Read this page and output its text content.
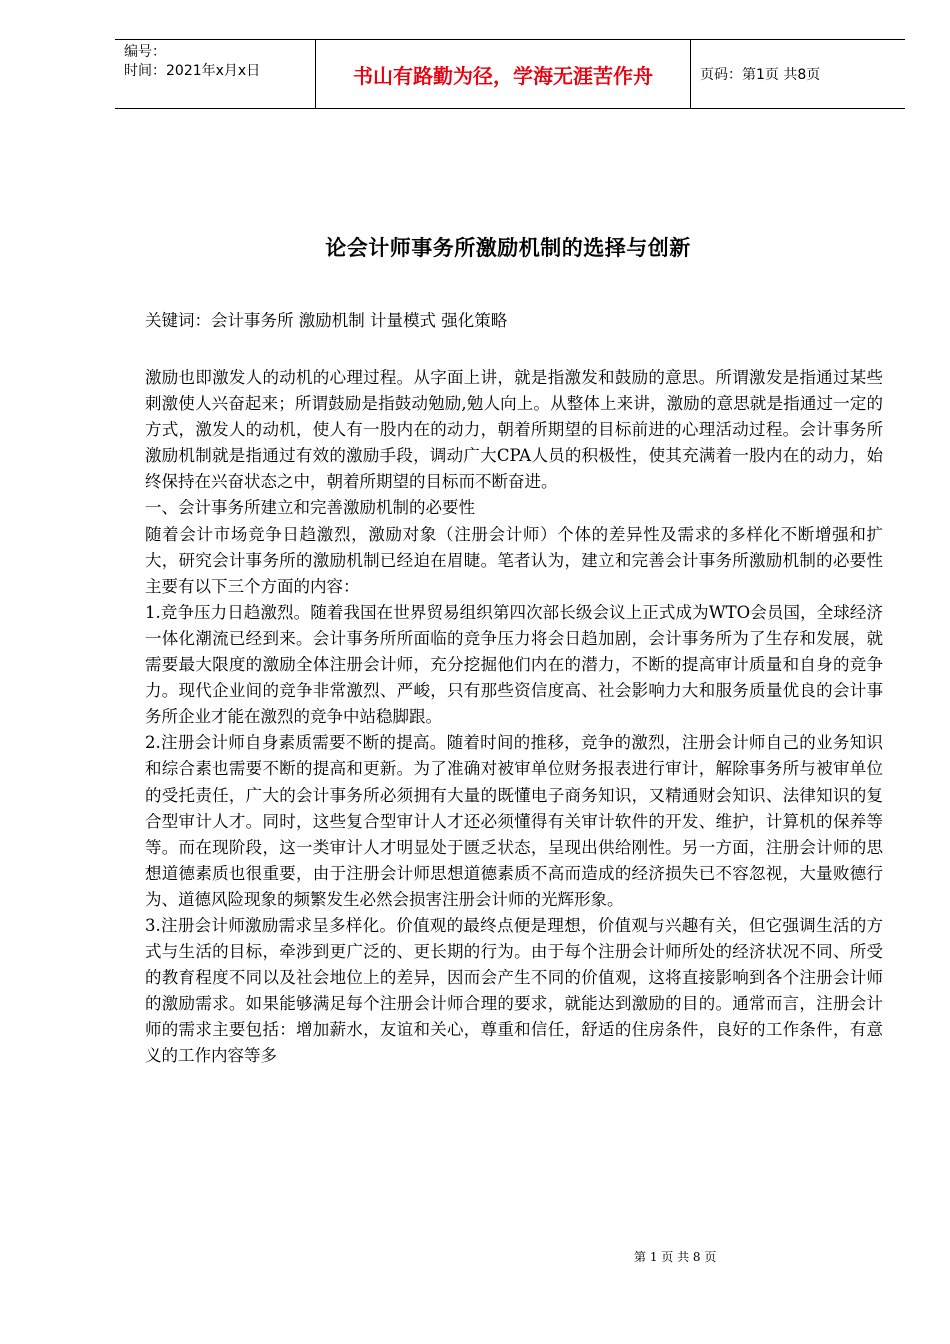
编号：
时间：2021年x月x日	书山有路勤为径，学海无涯苦作舟	页码：第1页 共8页
论会计师事务所激励机制的选择与创新
关键词：会计事务所 激励机制 计量模式 强化策略

激励也即激发人的动机的心理过程。从字面上讲，就是指激发和鼓励的意思。所谓激发是指通过某些刺激使人兴奋起来；所谓鼓励是指鼓动勉励,勉人向上。从整体上来讲，激励的意思就是指通过一定的方式，激发人的动机，使人有一股内在的动力，朝着所期望的目标前进的心理活动过程。会计事务所激励机制就是指通过有效的激励手段，调动广大CPA人员的积极性，使其充满着一股内在的动力，始终保持在兴奋状态之中，朝着所期望的目标而不断奋进。

一、会计事务所建立和完善激励机制的必要性

随着会计市场竞争日趋激烈，激励对象（注册会计师）个体的差异性及需求的多样化不断增强和扩大，研究会计事务所的激励机制已经迫在眉睫。笔者认为，建立和完善会计事务所激励机制的必要性主要有以下三个方面的内容：

1.竞争压力日趋激烈。随着我国在世界贸易组织第四次部长级会议上正式成为WTO会员国，全球经济一体化潮流已经到来。会计事务所所面临的竞争压力将会日趋加剧，会计事务所为了生存和发展，就需要最大限度的激励全体注册会计师，充分挖掘他们内在的潜力，不断的提高审计质量和自身的竞争力。现代企业间的竞争非常激烈、严峻，只有那些资信度高、社会影响力大和服务质量优良的会计事务所企业才能在激烈的竞争中站稳脚跟。

2.注册会计师自身素质需要不断的提高。随着时间的推移，竞争的激烈，注册会计师自己的业务知识和综合素也需要不断的提高和更新。为了准确对被审单位财务报表进行审计，解除事务所与被审单位的受托责任，广大的会计事务所必须拥有大量的既懂电子商务知识，又精通财会知识、法律知识的复合型审计人才。同时，这些复合型审计人才还必须懂得有关审计软件的开发、维护，计算机的保养等等。而在现阶段，这一类审计人才明显处于匮乏状态，呈现出供给刚性。另一方面，注册会计师的思想道德素质也很重要，由于注册会计师思想道德素质不高而造成的经济损失已不容忽视，大量败德行为、道德风险现象的频繁发生必然会损害注册会计师的光辉形象。

3.注册会计师激励需求呈多样化。价值观的最终点便是理想，价值观与兴趣有关，但它强调生活的方式与生活的目标，牵涉到更广泛的、更长期的行为。由于每个注册会计师所处的经济状况不同、所受的教育程度不同以及社会地位上的差异，因而会产生不同的价值观，这将直接影响到各个注册会计师的激励需求。如果能够满足每个注册会计师合理的要求，就能达到激励的目的。通常而言，注册会计师的需求主要包括：增加薪水，友谊和关心，尊重和信任，舒适的住房条件，良好的工作条件，有意义的工作内容等多

第 1 页 共 8 页
